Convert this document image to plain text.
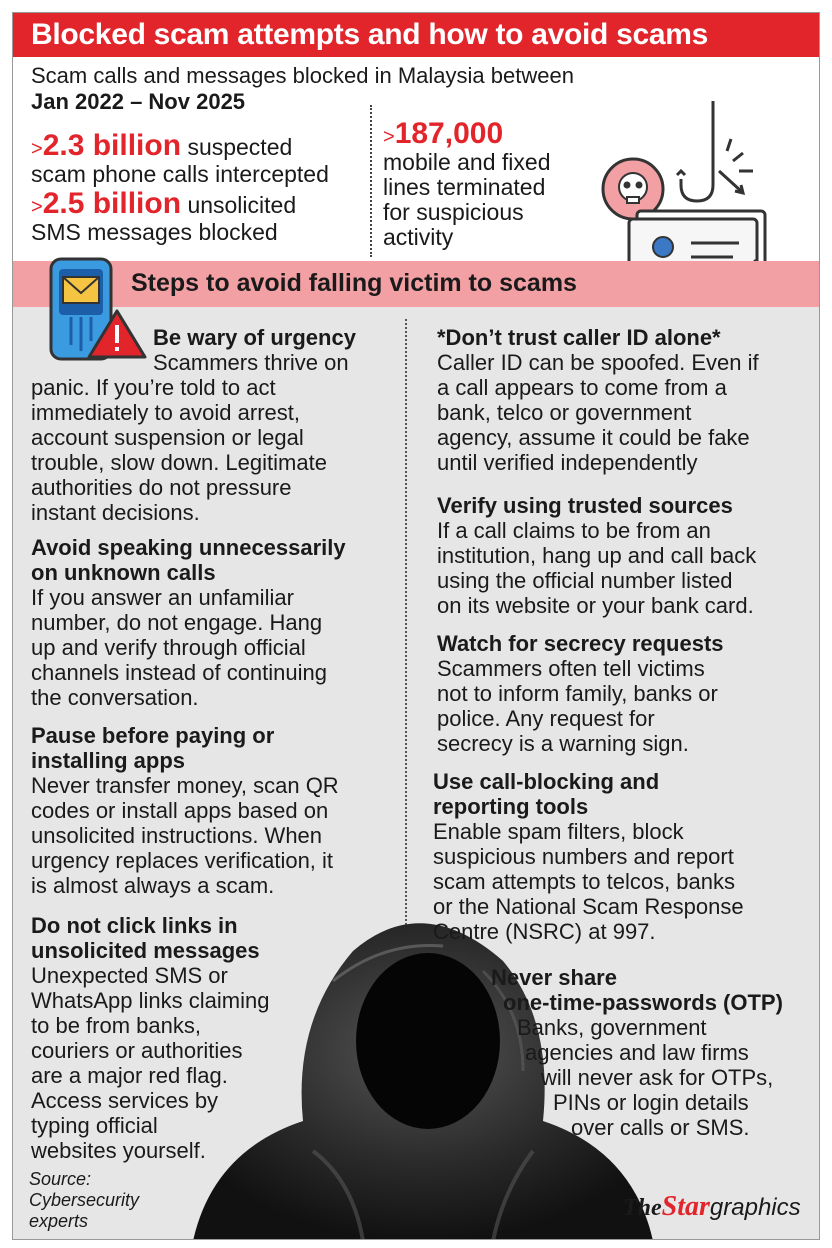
Blocked scam attempts and how to avoid scams
Scam calls and messages blocked in Malaysia between
Jan 2022 – Nov 2025
>2.3 billion suspected
scam phone calls intercepted
>2.5 billion unsolicited
SMS messages blocked
>187,000
mobile and fixed
lines terminated
for suspicious
activity
Steps to avoid falling victim to scams
Be wary of urgency
Scammers thrive on
panic. If you’re told to act
immediately to avoid arrest,
account suspension or legal
trouble, slow down. Legitimate
authorities do not pressure
instant decisions.
Avoid speaking unnecessarily
on unknown calls
If you answer an unfamiliar
number, do not engage. Hang
up and verify through official
channels instead of continuing
the conversation.
Pause before paying or
installing apps
Never transfer money, scan QR
codes or install apps based on
unsolicited instructions. When
urgency replaces verification, it
is almost always a scam.
Do not click links in
unsolicited messages
Unexpected SMS or
WhatsApp links claiming
to be from banks,
couriers or authorities
are a major red flag.
Access services by
typing official
websites yourself.
*Don’t trust caller ID alone*
Caller ID can be spoofed. Even if
a call appears to come from a
bank, telco or government
agency, assume it could be fake
until verified independently
Verify using trusted sources
If a call claims to be from an
institution, hang up and call back
using the official number listed
on its website or your bank card.
Watch for secrecy requests
Scammers often tell victims
not to inform family, banks or
police. Any request for
secrecy is a warning sign.
Use call-blocking and
reporting tools
Enable spam filters, block
suspicious numbers and report
scam attempts to telcos, banks
or the National Scam Response
Centre (NSRC) at 997.
Never share
one-time-passwords (OTP)
Banks, government
agencies and law firms
will never ask for OTPs,
PINs or login details
over calls or SMS.
Source:
Cybersecurity
experts	TheStargraphics
